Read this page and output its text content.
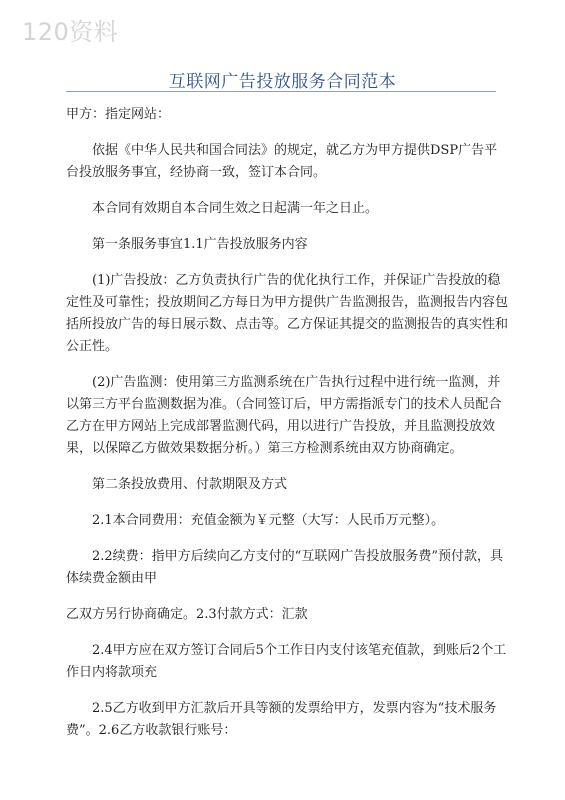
120资料
互联网广告投放服务合同范本

甲方：指定网站：

依据《中华人民共和国合同法》的规定，就乙方为甲方提供DSP广告平台投放服务事宜，经协商一致，签订本合同。

本合同有效期自本合同生效之日起满一年之日止。

第一条服务事宜1.1广告投放服务内容

(1)广告投放：乙方负责执行广告的优化执行工作，并保证广告投放的稳定性及可靠性；投放期间乙方每日为甲方提供广告监测报告，监测报告内容包括所投放广告的每日展示数、点击等。乙方保证其提交的监测报告的真实性和公正性。

(2)广告监测：使用第三方监测系统在广告执行过程中进行统一监测，并以第三方平台监测数据为准。（合同签订后，甲方需指派专门的技术人员配合乙方在甲方网站上完成部署监测代码，用以进行广告投放，并且监测投放效果，以保障乙方做效果数据分析。）第三方检测系统由双方协商确定。

第二条投放费用、付款期限及方式

2.1本合同费用：充值金额为￥元整（大写：人民币万元整）。

2.2续费：指甲方后续向乙方支付的“互联网广告投放服务费”预付款，具体续费金额由甲

乙双方另行协商确定。2.3付款方式：汇款

2.4甲方应在双方签订合同后5个工作日内支付该笔充值款，到账后2个工作日内将款项充

2.5乙方收到甲方汇款后开具等额的发票给甲方，发票内容为“技术服务费”。2.6乙方收款银行账号：
